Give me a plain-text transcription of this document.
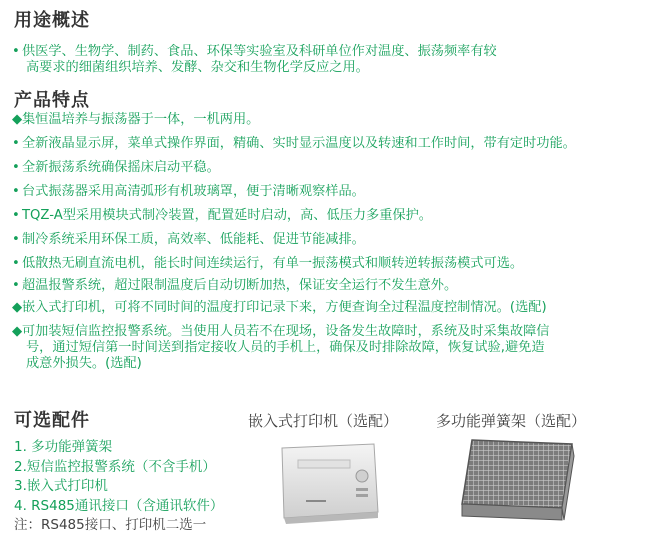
用途概述
• 供医学、生物学、制药、食品、环保等实验室及科研单位作对温度、振荡频率有较
高要求的细菌组织培养、发酵、杂交和生物化学反应之用。
产品特点
◆集恒温培养与振荡器于一体，一机两用。
• 全新液晶显示屏，菜单式操作界面，精确、实时显示温度以及转速和工作时间，带有定时功能。
• 全新振荡系统确保摇床启动平稳。
• 台式振荡器采用高清弧形有机玻璃罩，便于清晰观察样品。
• TQZ-A型采用模块式制冷装置，配置延时启动，高、低压力多重保护。
• 制冷系统采用环保工质，高效率、低能耗、促进节能减排。
• 低散热无刷直流电机，能长时间连续运行，有单一振荡模式和顺转逆转振荡模式可选。
• 超温报警系统，超过限制温度后自动切断加热，保证安全运行不发生意外。
◆嵌入式打印机，可将不同时间的温度打印记录下来，方便查询全过程温度控制情况。(选配)
◆可加装短信监控报警系统。当使用人员若不在现场，设备发生故障时，系统及时采集故障信
号，通过短信第一时间送到指定接收人员的手机上，确保及时排除故障，恢复试验,避免造
成意外损失。(选配)
可选配件
1. 多功能弹簧架
2.短信监控报警系统（不含手机）
3.嵌入式打印机
4. RS485通讯接口（含通讯软件）
注：RS485接口、打印机二选一
嵌入式打印机（选配）	多功能弹簧架（选配）
